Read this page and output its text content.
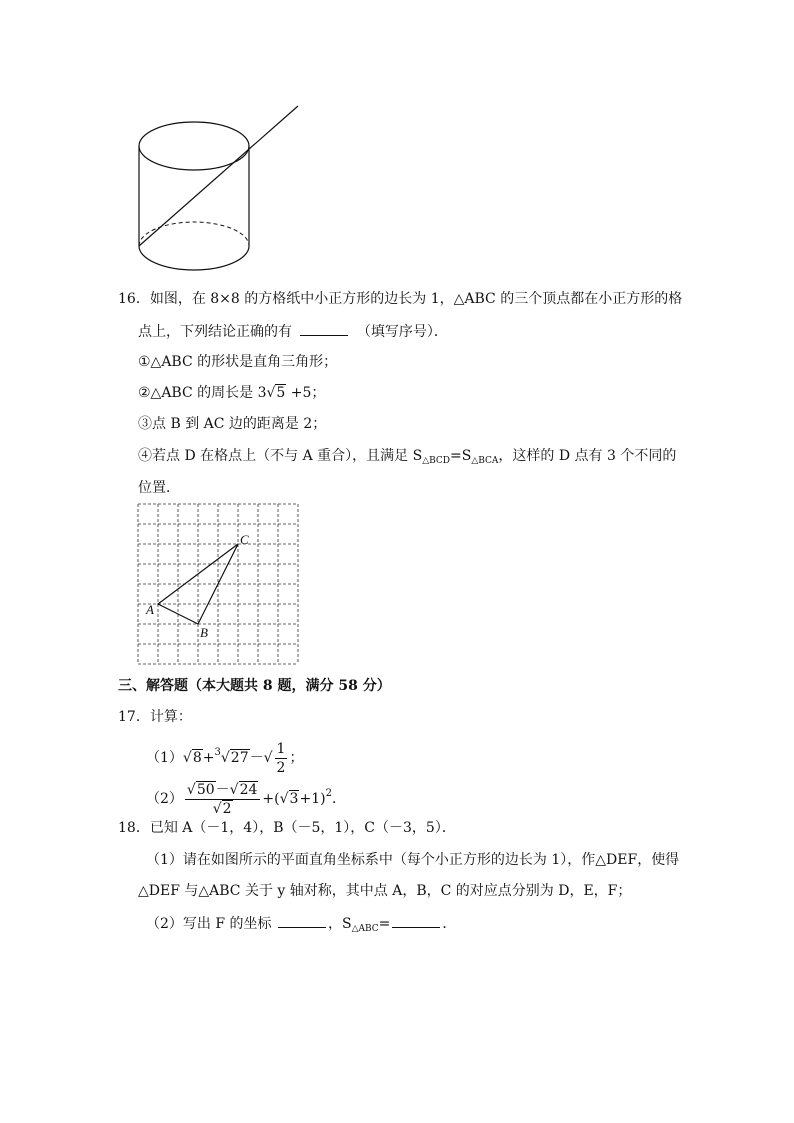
16．如图，在 8×8 的方格纸中小正方形的边长为 1，△ABC 的三个顶点都在小正方形的格
点上，下列结论正确的有	（填写序号）．
①△ABC 的形状是直角三角形；
②△ABC 的周长是 3√5 +5；
③点 B 到 AC 边的距离是 2；
④若点 D 在格点上（不与 A 重合），且满足 $S_{\triangle BCD}=S_{\triangle BCA}$，这样的 D 点有 3 个不同的
位置．
A
B
C
三、解答题（本大题共 8 题，满分 58 分）
17．计算：
$(1)√8+^3√27-√ \frac{1}{2}$ ；
$(2) \frac{√50-√24}{√2} +(√3+1)^2$．
18．已知 A（－1，4），B（－5，1），C（－3，5）．
（1）请在如图所示的平面直角坐标系中（每个小正方形的边长为 1），作△DEF，使得
△DEF 与△ABC 关于 y 轴对称，其中点 A，B，C 的对应点分别为 D，E，F；
（2）写出 F 的坐标	，$S_{\triangle ABC}=$	．
